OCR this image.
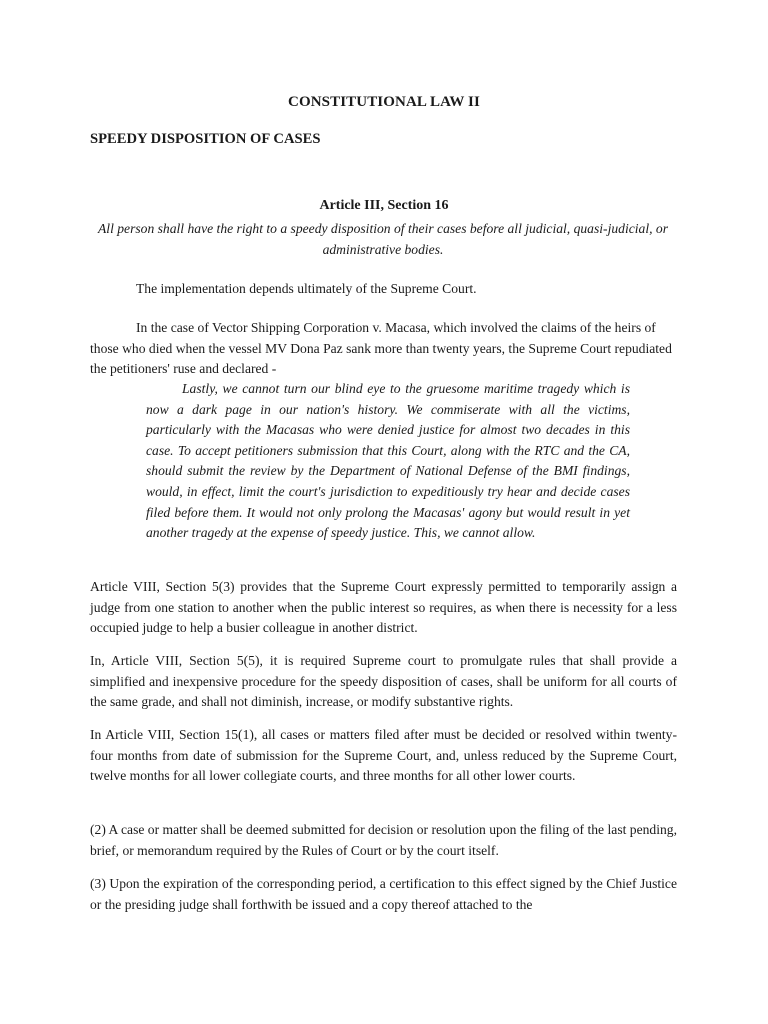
CONSTITUTIONAL LAW II
SPEEDY DISPOSITION OF CASES
Article III, Section 16
All person shall have the right to a speedy disposition of their cases before all judicial, quasi-judicial, or administrative bodies.

The implementation depends ultimately of the Supreme Court.

In the case of Vector Shipping Corporation v. Macasa, which involved the claims of the heirs of those who died when the vessel MV Dona Paz sank more than twenty years, the Supreme Court repudiated the petitioners' ruse and declared -

Lastly, we cannot turn our blind eye to the gruesome maritime tragedy which is now a dark page in our nation's history. We commiserate with all the victims, particularly with the Macasas who were denied justice for almost two decades in this case. To accept petitioners submission that this Court, along with the RTC and the CA, should submit the review by the Department of National Defense of the BMI findings, would, in effect, limit the court's jurisdiction to expeditiously try hear and decide cases filed before them. It would not only prolong the Macasas' agony but would result in yet another tragedy at the expense of speedy justice. This, we cannot allow.

Article VIII, Section 5(3) provides that the Supreme Court expressly permitted to temporarily assign a judge from one station to another when the public interest so requires, as when there is necessity for a less occupied judge to help a busier colleague in another district.

In, Article VIII, Section 5(5), it is required Supreme court to promulgate rules that shall provide a simplified and inexpensive procedure for the speedy disposition of cases, shall be uniform for all courts of the same grade, and shall not diminish, increase, or modify substantive rights.

In Article VIII, Section 15(1), all cases or matters filed after must be decided or resolved within twenty-four months from date of submission for the Supreme Court, and, unless reduced by the Supreme Court, twelve months for all lower collegiate courts, and three months for all other lower courts.

(2) A case or matter shall be deemed submitted for decision or resolution upon the filing of the last pending, brief, or memorandum required by the Rules of Court or by the court itself.

(3) Upon the expiration of the corresponding period, a certification to this effect signed by the Chief Justice or the presiding judge shall forthwith be issued and a copy thereof attached to the
